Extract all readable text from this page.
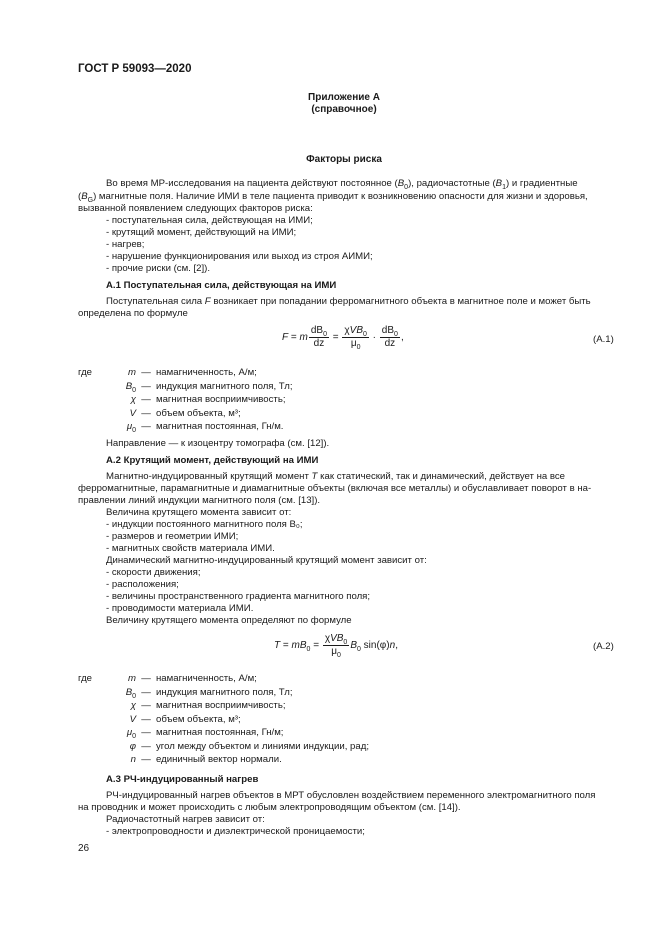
ГОСТ Р 59093—2020
Приложение А
(справочное)
Факторы риска
Во время МР-исследования на пациента действуют постоянное $(B_0)$, радиочастотные $(B_1)$ и градиентные
$(B_G)$ магнитные поля. Наличие ИМИ в теле пациента приводит к возникновению опасности для жизни и здоровья,
вызванной появлением следующих факторов риска:
- поступательная сила, действующая на ИМИ;
- крутящий момент, действующий на ИМИ;
- нагрев;
- нарушение функционирования или выход из строя АИМИ;
- прочие риски (см. [2]).
А.1 Поступательная сила, действующая на ИМИ
Поступательная сила F возникает при попадании ферромагнитного объекта в магнитное поле и может быть
определена по формуле
F = m $\frac{dB_0}{dz} = \frac{\chi VB_0}{\mu_0} \cdot \frac{dB_0}{dz}$ ,	(А.1)
где	m — намагниченность, А/м;
$B_0$ — индукция магнитного поля, Тл;
χ — магнитная восприимчивость;
V — объем объекта, м³;
$\mu_0$ — магнитная постоянная, Гн/м.
Направление — к изоцентру томографа (см. [12]).
А.2 Крутящий момент, действующий на ИМИ
Магнитно-индуцированный крутящий момент T как статический, так и динамический, действует на все
ферромагнитные, парамагнитные и диамагнитные объекты (включая все металлы) и обуславливает поворот в на-
правлении линий индукции магнитного поля (см. [13]).
Величина крутящего момента зависит от:
- индукции постоянного магнитного поля B₀;
- размеров и геометрии ИМИ;
- магнитных свойств материала ИМИ.
Динамический магнитно-индуцированный крутящий момент зависит от:
- скорости движения;
- расположения;
- величины пространственного градиента магнитного поля;
- проводимости материала ИМИ.
Величину крутящего момента определяют по формуле
$T = mB_0 = \frac{\chi VB_0}{\mu_0} B_0$ sin(φ)n,	(А.2)
где	m — намагниченность, А/м;
$B_0$ — индукция магнитного поля, Тл;
χ — магнитная восприимчивость;
V — объем объекта, м³;
$\mu_0$ — магнитная постоянная, Гн/м;
φ — угол между объектом и линиями индукции, рад;
n — единичный вектор нормали.
А.3 РЧ-индуцированный нагрев
РЧ-индуцированный нагрев объектов в МРТ обусловлен воздействием переменного электромагнитного поля
на проводник и может происходить с любым электропроводящим объектом (см. [14]).
Радиочастотный нагрев зависит от:
- электропроводности и диэлектрической проницаемости;
26
